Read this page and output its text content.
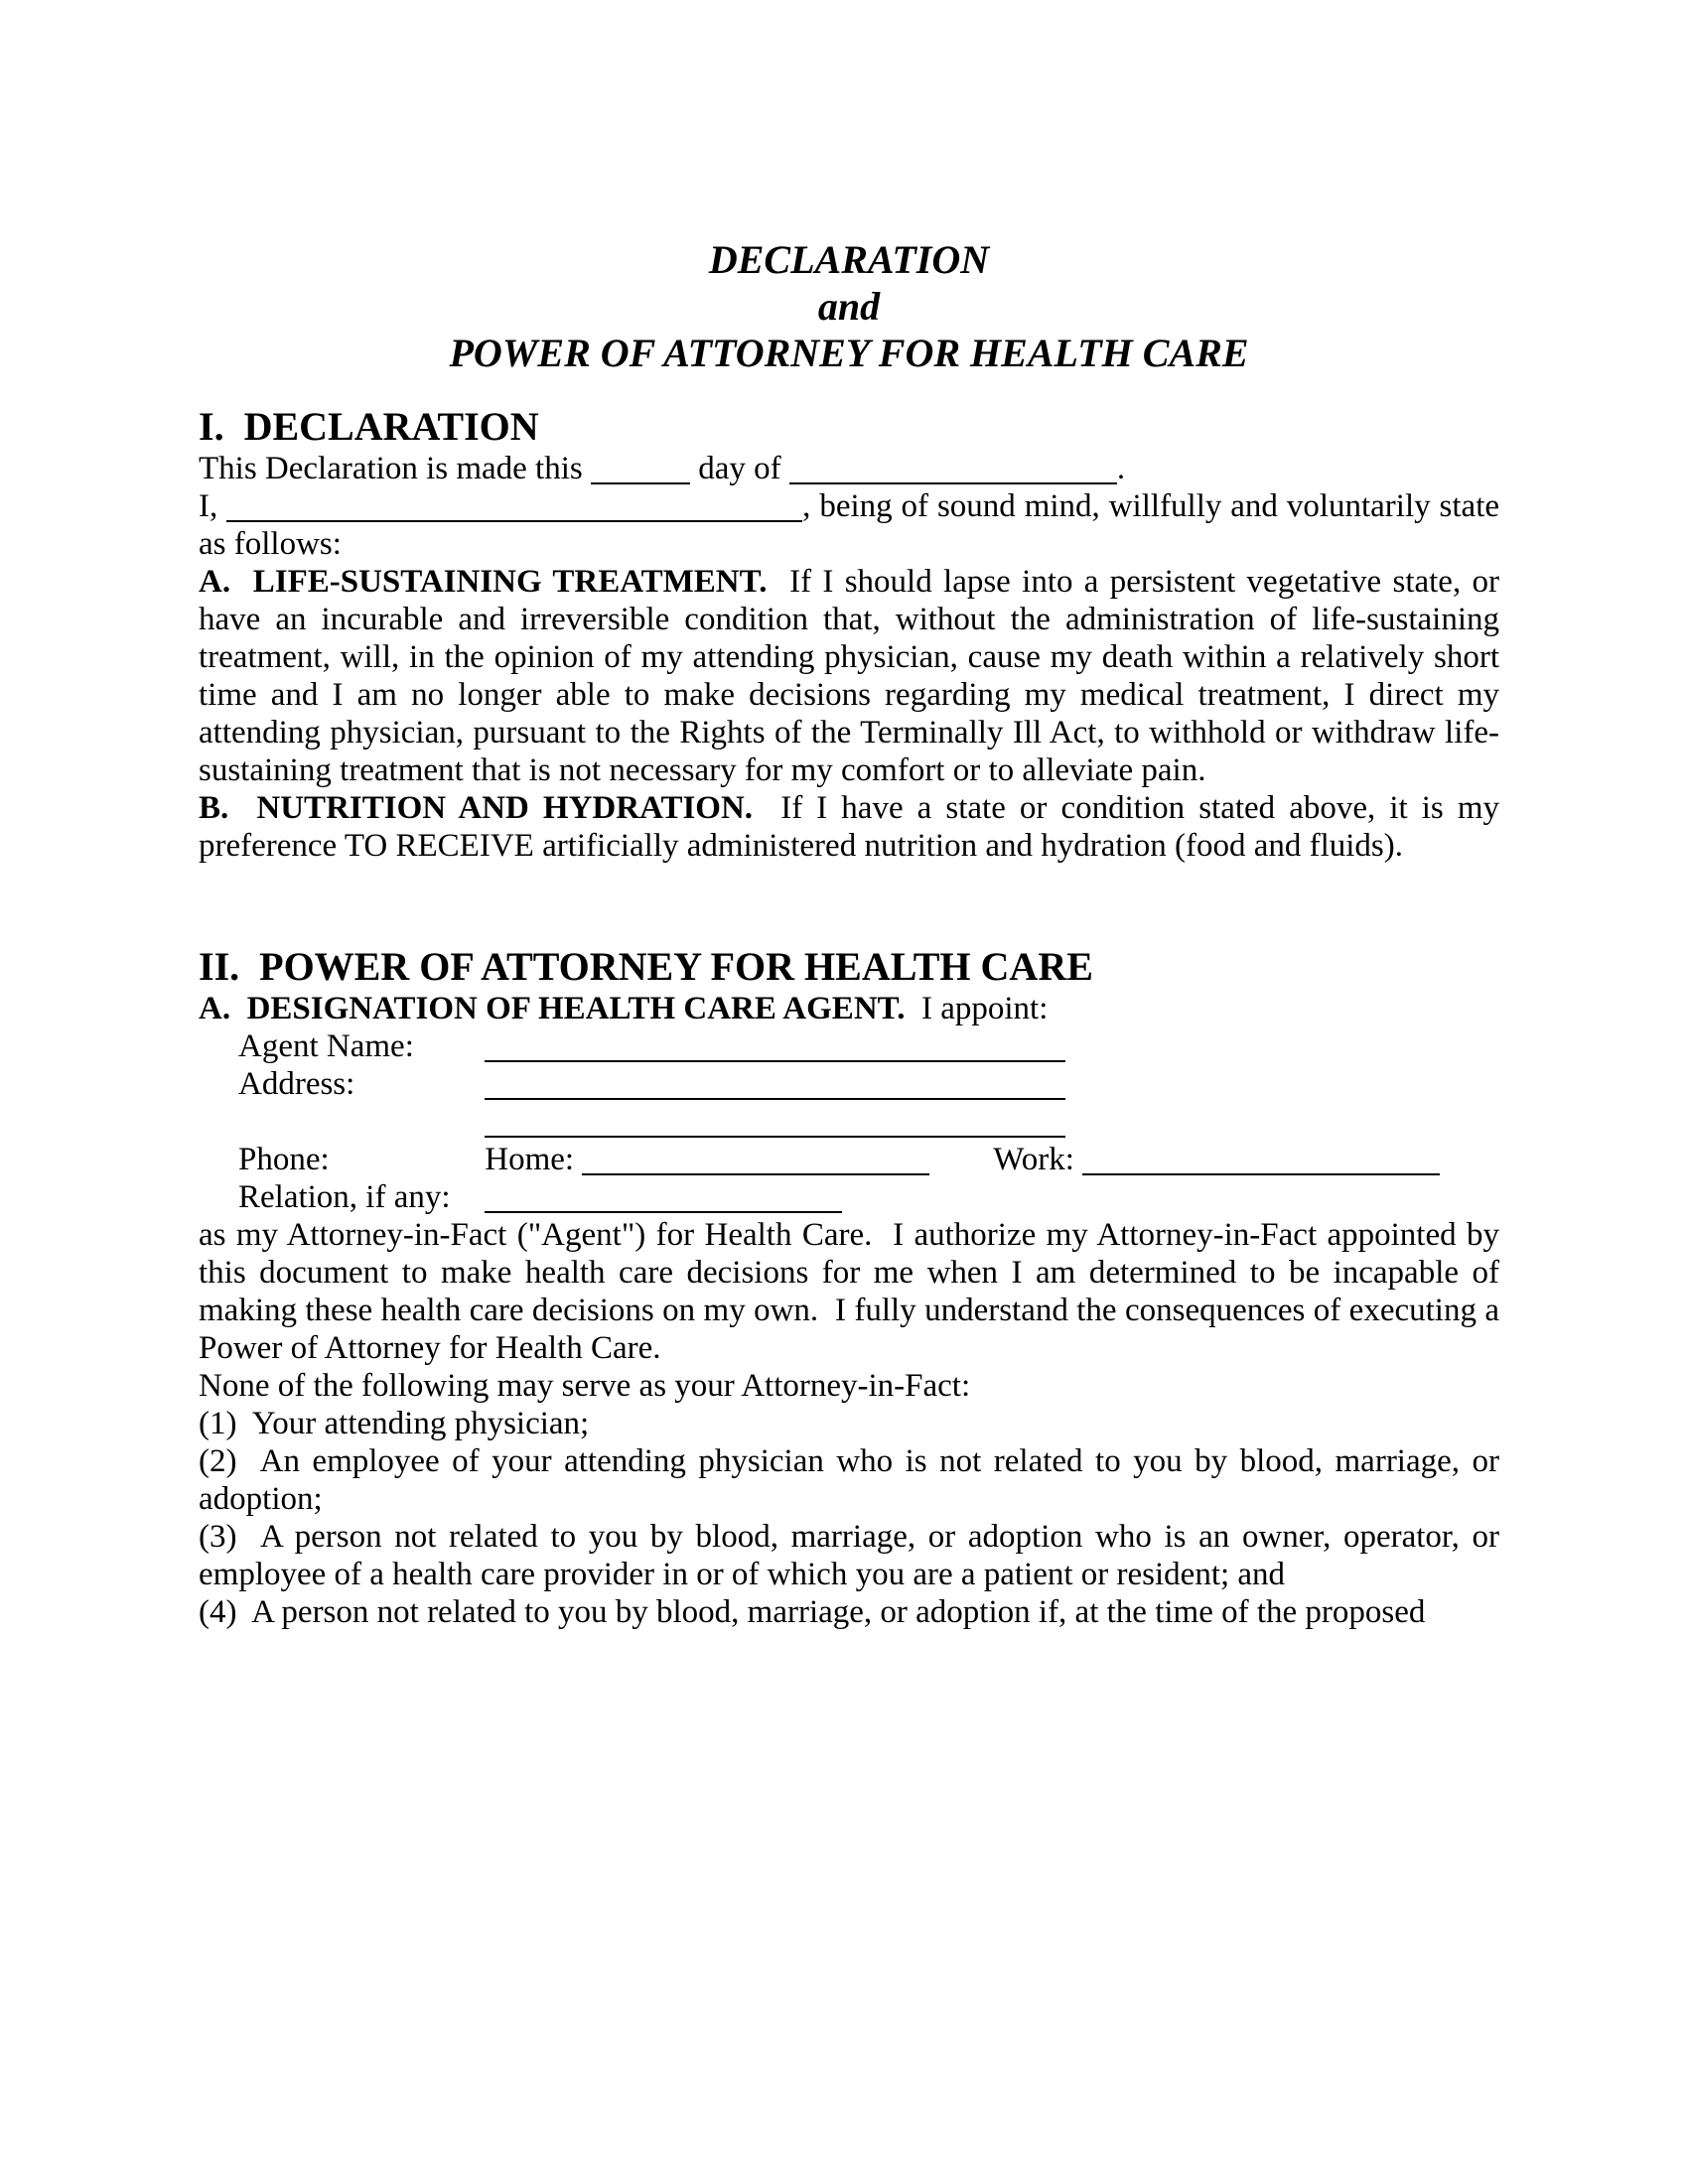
DECLARATION
and
POWER OF ATTORNEY FOR HEALTH CARE
I.  DECLARATION

This Declaration is made this	day of	.
I,	, being of sound mind, willfully and voluntarily state as follows:

A.  LIFE-SUSTAINING TREATMENT.  If I should lapse into a persistent vegetative state, or have an incurable and irreversible condition that, without the administration of life-sustaining treatment, will, in the opinion of my attending physician, cause my death within a relatively short time and I am no longer able to make decisions regarding my medical treatment, I direct my attending physician, pursuant to the Rights of the Terminally Ill Act, to withhold or withdraw life-sustaining treatment that is not necessary for my comfort or to alleviate pain.

B.  NUTRITION AND HYDRATION.  If I have a state or condition stated above, it is my preference TO RECEIVE artificially administered nutrition and hydration (food and fluids).

II.  POWER OF ATTORNEY FOR HEALTH CARE

A.  DESIGNATION OF HEALTH CARE AGENT.  I appoint:

Agent Name:

Address:

Phone:	Home:	Work:

Relation, if any:

as my Attorney-in-Fact ("Agent") for Health Care.  I authorize my Attorney-in-Fact appointed by this document to make health care decisions for me when I am determined to be incapable of making these health care decisions on my own.  I fully understand the consequences of executing a Power of Attorney for Health Care.

None of the following may serve as your Attorney-in-Fact:

(1)  Your attending physician;

(2)  An employee of your attending physician who is not related to you by blood, marriage, or adoption;

(3)  A person not related to you by blood, marriage, or adoption who is an owner, operator, or employee of a health care provider in or of which you are a patient or resident; and

(4)  A person not related to you by blood, marriage, or adoption if, at the time of the proposed
